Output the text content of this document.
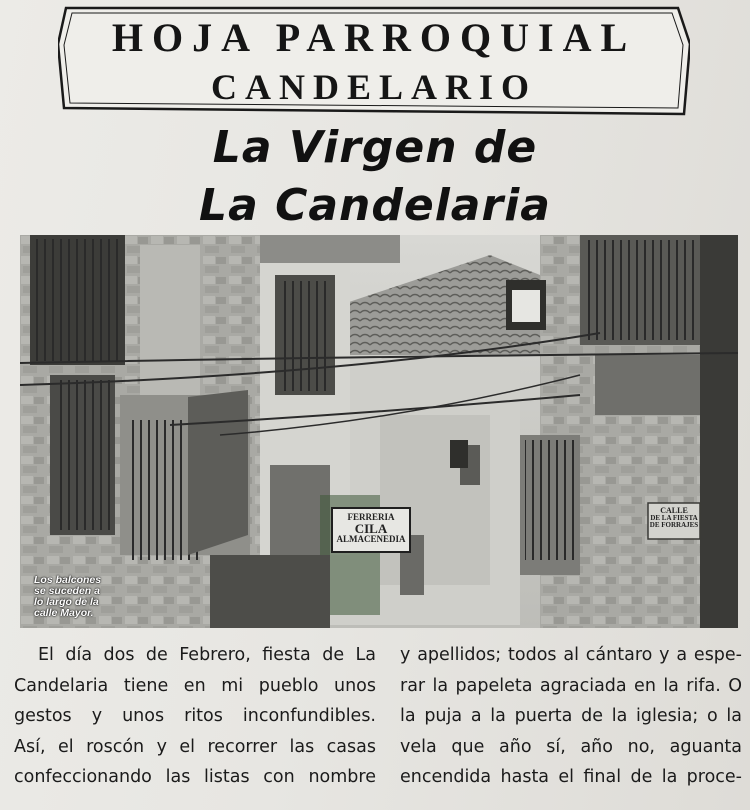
HOJA PARROQUIAL
CANDELARIO
La Virgen de
La Candelaria
FERRERIA
CILA
ALMACENEDIA
CALLE
DE LA FIESTA
DE FORRAJES
Los balcones
se suceden a
lo largo de la
calle Mayor.
El día dos de Febrero, fiesta de La
Candelaria tiene en mi pueblo unos
gestos y unos ritos inconfundibles.
Así, el roscón y el recorrer las casas
confeccionando las listas con nombre
y apellidos; todos al cántaro y a espe-
rar la papeleta agraciada en la rifa. O
la puja a la puerta de la iglesia; o la
vela que año sí, año no, aguanta
encendida hasta el final de la proce-
